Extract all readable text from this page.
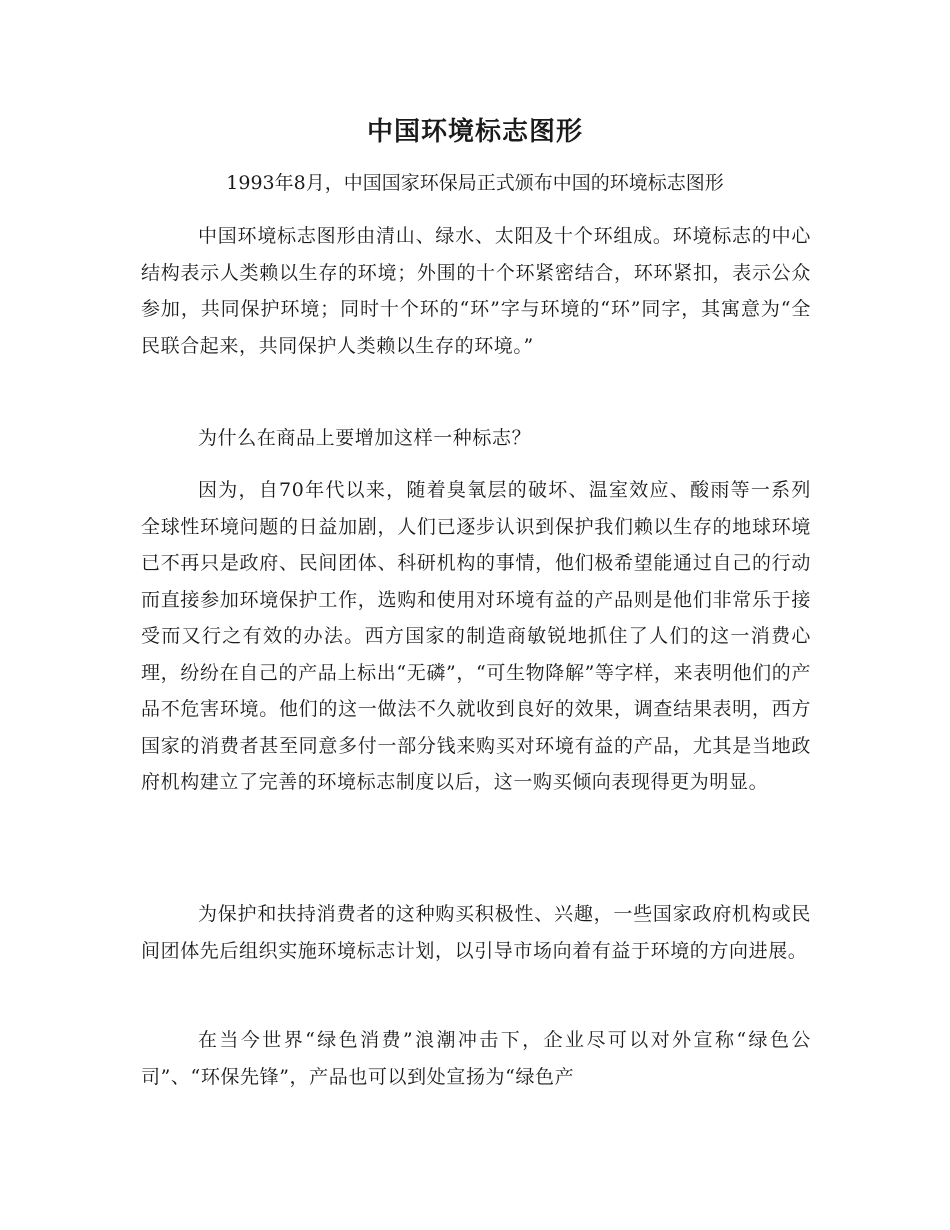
中国环境标志图形
1993年8月，中国国家环保局正式颁布中国的环境标志图形

中国环境标志图形由清山、绿水、太阳及十个环组成。环境标志的中心结构表示人类赖以生存的环境；外围的十个环紧密结合，环环紧扣，表示公众参加，共同保护环境；同时十个环的“环”字与环境的“环”同字，其寓意为“全民联合起来，共同保护人类赖以生存的环境。”

为什么在商品上要增加这样一种标志？

因为，自70年代以来，随着臭氧层的破坏、温室效应、酸雨等一系列全球性环境问题的日益加剧，人们已逐步认识到保护我们赖以生存的地球环境已不再只是政府、民间团体、科研机构的事情，他们极希望能通过自己的行动而直接参加环境保护工作，选购和使用对环境有益的产品则是他们非常乐于接受而又行之有效的办法。西方国家的制造商敏锐地抓住了人们的这一消费心理，纷纷在自己的产品上标出“无磷”，“可生物降解”等字样，来表明他们的产品不危害环境。他们的这一做法不久就收到良好的效果，调查结果表明，西方国家的消费者甚至同意多付一部分钱来购买对环境有益的产品，尤其是当地政府机构建立了完善的环境标志制度以后，这一购买倾向表现得更为明显。

为保护和扶持消费者的这种购买积极性、兴趣，一些国家政府机构或民间团体先后组织实施环境标志计划，以引导市场向着有益于环境的方向进展。

在当今世界“绿色消费”浪潮冲击下，企业尽可以对外宣称“绿色公司”、“环保先锋”，产品也可以到处宣扬为“绿色产
